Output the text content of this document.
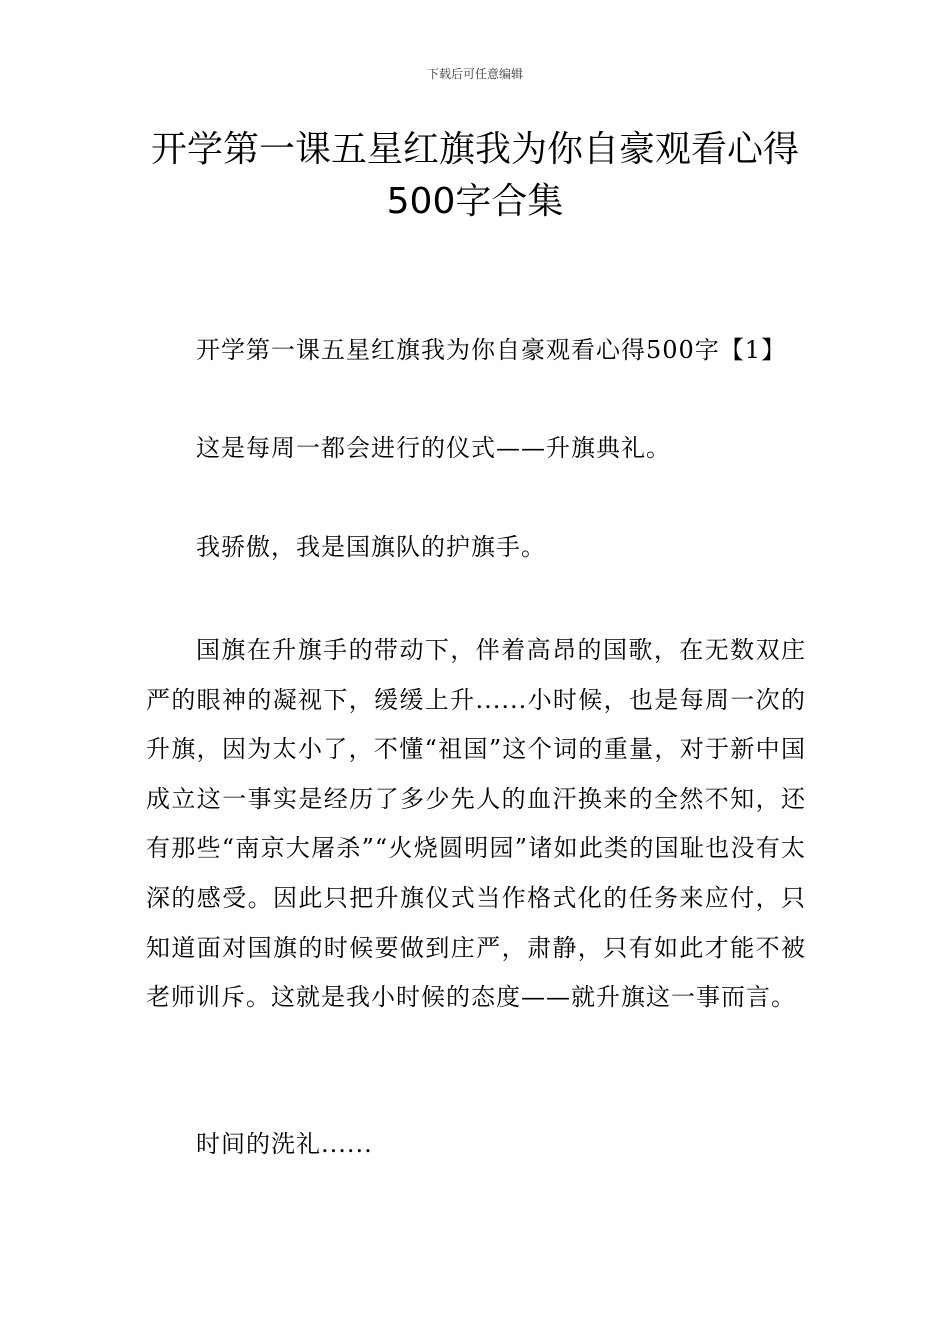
下载后可任意编辑
开学第一课五星红旗我为你自豪观看心得500字合集

开学第一课五星红旗我为你自豪观看心得500字【1】

这是每周一都会进行的仪式——升旗典礼。

我骄傲，我是国旗队的护旗手。

国旗在升旗手的带动下，伴着高昂的国歌，在无数双庄严的眼神的凝视下，缓缓上升......小时候，也是每周一次的升旗，因为太小了，不懂“祖国”这个词的重量，对于新中国成立这一事实是经历了多少先人的血汗换来的全然不知，还有那些“南京大屠杀”“火烧圆明园”诸如此类的国耻也没有太深的感受。因此只把升旗仪式当作格式化的任务来应付，只知道面对国旗的时候要做到庄严，肃静，只有如此才能不被老师训斥。这就是我小时候的态度——就升旗这一事而言。

时间的洗礼......
